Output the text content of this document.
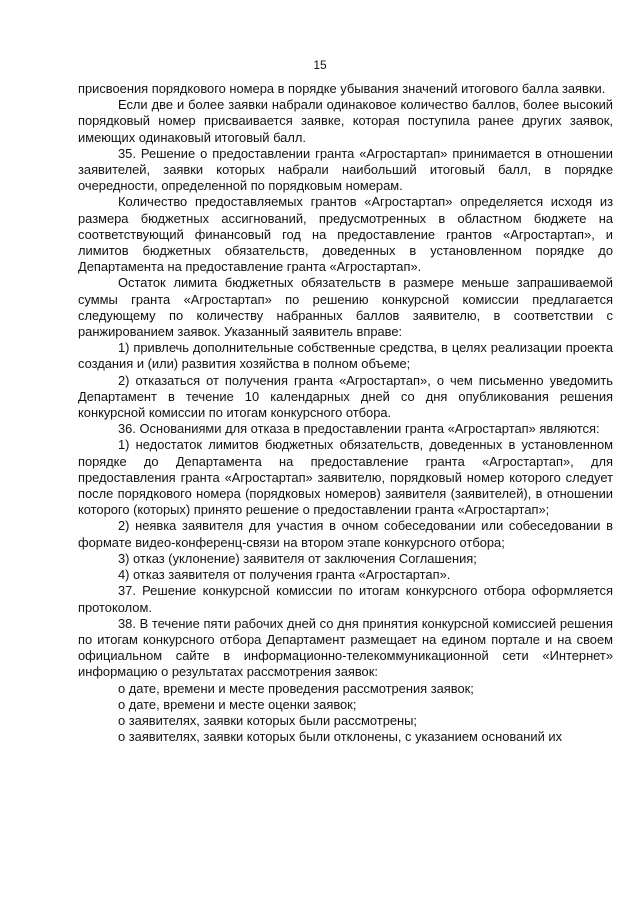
15

присвоения порядкового номера в порядке убывания значений итогового балла заявки.

Если две и более заявки набрали одинаковое количество баллов, более высокий порядковый номер присваивается заявке, которая поступила ранее других заявок, имеющих одинаковый итоговый балл.

35. Решение о предоставлении гранта «Агростартап» принимается в отношении заявителей, заявки которых набрали наибольший итоговый балл, в порядке очередности, определенной по порядковым номерам.

Количество предоставляемых грантов «Агростартап» определяется исходя из размера бюджетных ассигнований, предусмотренных в областном бюджете на соответствующий финансовый год на предоставление грантов «Агростартап», и лимитов бюджетных обязательств, доведенных в установленном порядке до Департамента на предоставление гранта «Агростартап».

Остаток лимита бюджетных обязательств в размере меньше запрашиваемой суммы гранта «Агростартап» по решению конкурсной комиссии предлагается следующему по количеству набранных баллов заявителю, в соответствии с ранжированием заявок. Указанный заявитель вправе:

1) привлечь дополнительные собственные средства, в целях реализации проекта создания и (или) развития хозяйства в полном объеме;

2) отказаться от получения гранта «Агростартап», о чем письменно уведомить Департамент в течение 10 календарных дней со дня опубликования решения конкурсной комиссии по итогам конкурсного отбора.

36. Основаниями для отказа в предоставлении гранта «Агростартап» являются:

1) недостаток лимитов бюджетных обязательств, доведенных в установленном порядке до Департамента на предоставление гранта «Агростартап», для предоставления гранта «Агростартап» заявителю, порядковый номер которого следует после порядкового номера (порядковых номеров) заявителя (заявителей), в отношении которого (которых) принято решение о предоставлении гранта «Агростартап»;

2) неявка заявителя для участия в очном собеседовании или собеседовании в формате видео-конференц-связи на втором этапе конкурсного отбора;

3) отказ (уклонение) заявителя от заключения Соглашения;

4) отказ заявителя от получения гранта «Агростартап».

37. Решение конкурсной комиссии по итогам конкурсного отбора оформляется протоколом.

38. В течение пяти рабочих дней со дня принятия конкурсной комиссией решения по итогам конкурсного отбора Департамент размещает на едином портале и на своем официальном сайте в информационно-телекоммуникационной сети «Интернет» информацию о результатах рассмотрения заявок:

о дате, времени и месте проведения рассмотрения заявок;

о дате, времени и месте оценки заявок;

о заявителях, заявки которых были рассмотрены;

о заявителях, заявки которых были отклонены, с указанием оснований их
